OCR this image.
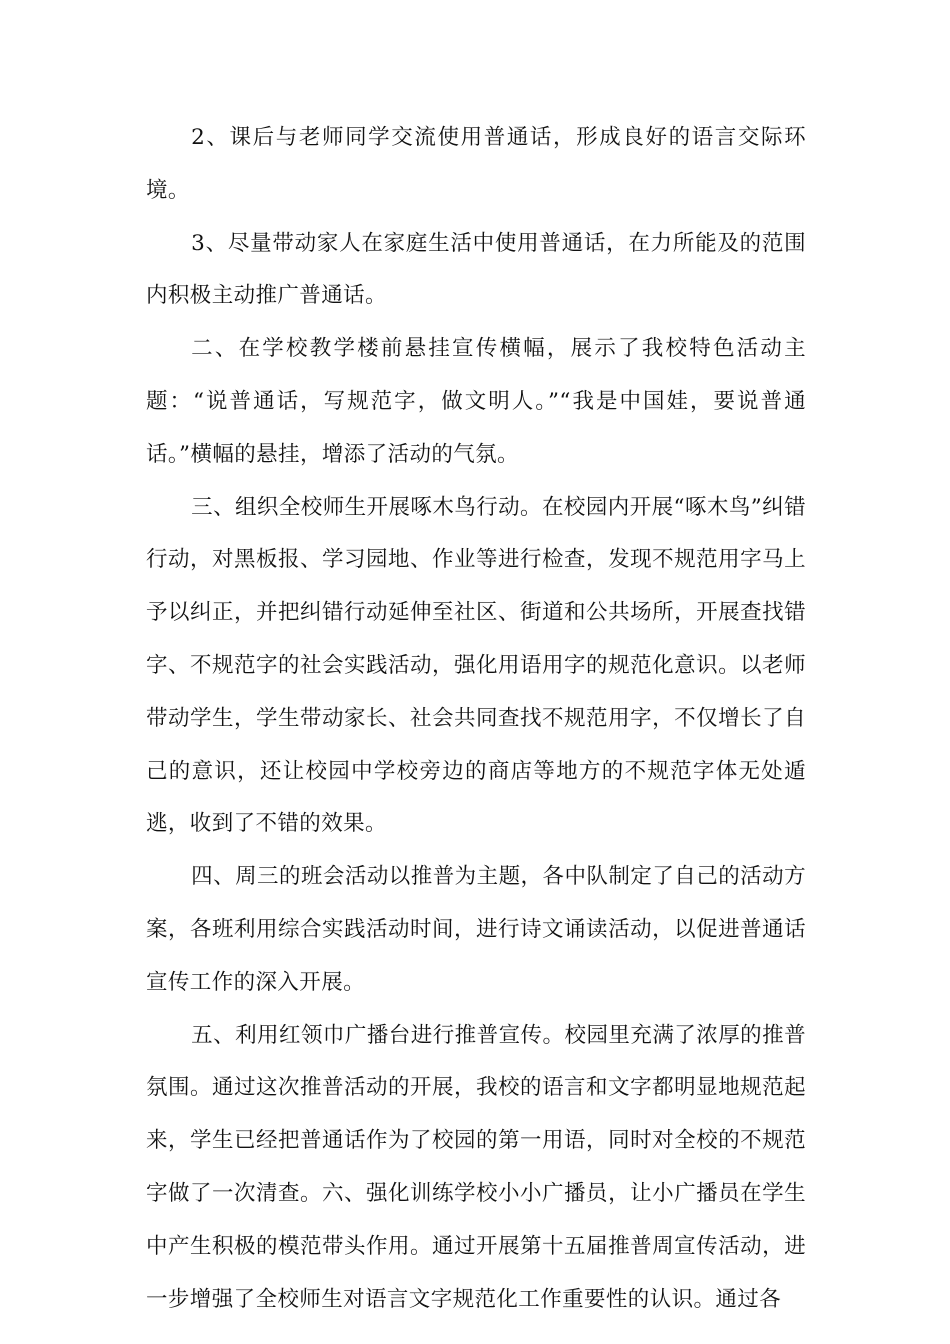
2、课后与老师同学交流使用普通话，形成良好的语言交际环境。

3、尽量带动家人在家庭生活中使用普通话，在力所能及的范围内积极主动推广普通话。

二、在学校教学楼前悬挂宣传横幅，展示了我校特色活动主题：“说普通话，写规范字，做文明人。”“我是中国娃，要说普通话。”横幅的悬挂，增添了活动的气氛。

三、组织全校师生开展啄木鸟行动。在校园内开展“啄木鸟”纠错行动，对黑板报、学习园地、作业等进行检查，发现不规范用字马上予以纠正，并把纠错行动延伸至社区、街道和公共场所，开展查找错字、不规范字的社会实践活动，强化用语用字的规范化意识。以老师带动学生，学生带动家长、社会共同查找不规范用字，不仅增长了自己的意识，还让校园中学校旁边的商店等地方的不规范字体无处遁逃，收到了不错的效果。

四、周三的班会活动以推普为主题，各中队制定了自己的活动方案，各班利用综合实践活动时间，进行诗文诵读活动，以促进普通话宣传工作的深入开展。

五、利用红领巾广播台进行推普宣传。校园里充满了浓厚的推普氛围。通过这次推普活动的开展，我校的语言和文字都明显地规范起来，学生已经把普通话作为了校园的第一用语，同时对全校的不规范字做了一次清查。六、强化训练学校小小广播员，让小广播员在学生中产生积极的模范带头作用。通过开展第十五届推普周宣传活动，进一步增强了全校师生对语言文字规范化工作重要性的认识。通过各
